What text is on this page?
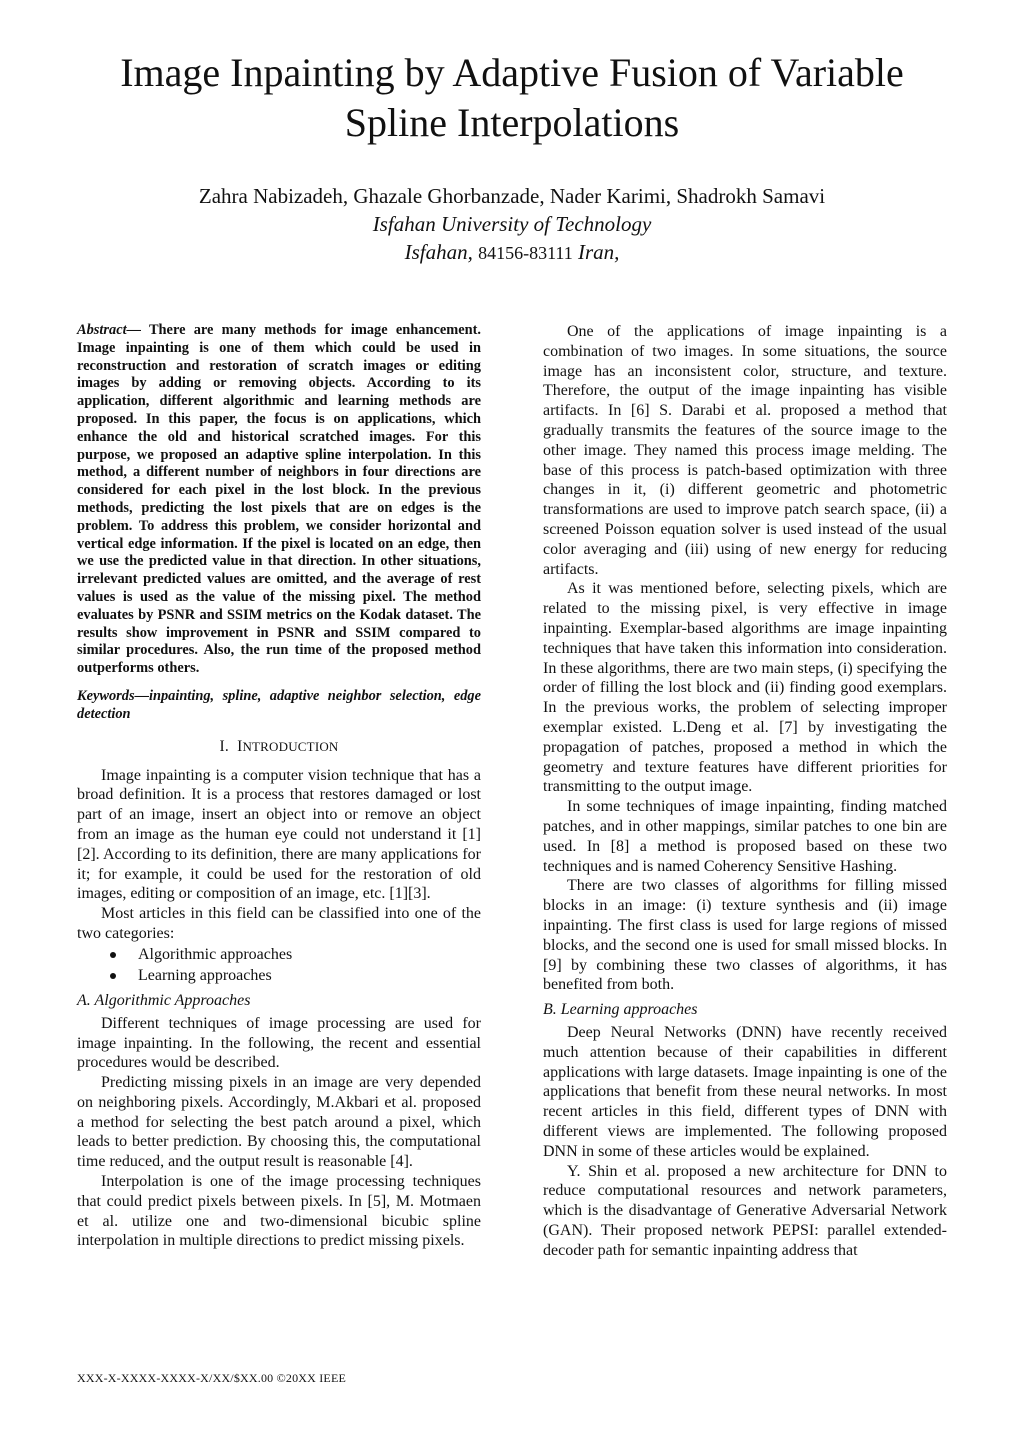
Image Inpainting by Adaptive Fusion of Variable
Spline Interpolations
Zahra Nabizadeh, Ghazale Ghorbanzade, Nader Karimi, Shadrokh Samavi
Isfahan University of Technology
Isfahan, 84156-83111 Iran,

Abstract— There are many methods for image enhancement. Image inpainting is one of them which could be used in reconstruction and restoration of scratch images or editing images by adding or removing objects. According to its application, different algorithmic and learning methods are proposed. In this paper, the focus is on applications, which enhance the old and historical scratched images. For this purpose, we proposed an adaptive spline interpolation. In this method, a different number of neighbors in four directions are considered for each pixel in the lost block. In the previous methods, predicting the lost pixels that are on edges is the problem. To address this problem, we consider horizontal and vertical edge information. If the pixel is located on an edge, then we use the predicted value in that direction. In other situations, irrelevant predicted values are omitted, and the average of rest values is used as the value of the missing pixel. The method evaluates by PSNR and SSIM metrics on the Kodak dataset. The results show improvement in PSNR and SSIM compared to similar procedures. Also, the run time of the proposed method outperforms others.

Keywords—inpainting, spline, adaptive neighbor selection, edge detection

I. INTRODUCTION

Image inpainting is a computer vision technique that has a broad definition. It is a process that restores damaged or lost part of an image, insert an object into or remove an object from an image as the human eye could not understand it [1][2]. According to its definition, there are many applications for it; for example, it could be used for the restoration of old images, editing or composition of an image, etc. [1][3].

Most articles in this field can be classified into one of the two categories:

Algorithmic approaches
Learning approaches
A. Algorithmic Approaches

Different techniques of image processing are used for image inpainting. In the following, the recent and essential procedures would be described.

Predicting missing pixels in an image are very depended on neighboring pixels. Accordingly, M.Akbari et al. proposed a method for selecting the best patch around a pixel, which leads to better prediction. By choosing this, the computational time reduced, and the output result is reasonable [4].

Interpolation is one of the image processing techniques that could predict pixels between pixels. In [5], M. Motmaen et al. utilize one and two-dimensional bicubic spline interpolation in multiple directions to predict missing pixels.

One of the applications of image inpainting is a combination of two images. In some situations, the source image has an inconsistent color, structure, and texture. Therefore, the output of the image inpainting has visible artifacts. In [6] S. Darabi et al. proposed a method that gradually transmits the features of the source image to the other image. They named this process image melding. The base of this process is patch-based optimization with three changes in it, (i) different geometric and photometric transformations are used to improve patch search space, (ii) a screened Poisson equation solver is used instead of the usual color averaging and (iii) using of new energy for reducing artifacts.

As it was mentioned before, selecting pixels, which are related to the missing pixel, is very effective in image inpainting. Exemplar-based algorithms are image inpainting techniques that have taken this information into consideration. In these algorithms, there are two main steps, (i) specifying the order of filling the lost block and (ii) finding good exemplars. In the previous works, the problem of selecting improper exemplar existed. L.Deng et al. [7] by investigating the propagation of patches, proposed a method in which the geometry and texture features have different priorities for transmitting to the output image.

In some techniques of image inpainting, finding matched patches, and in other mappings, similar patches to one bin are used. In [8] a method is proposed based on these two techniques and is named Coherency Sensitive Hashing.

There are two classes of algorithms for filling missed blocks in an image: (i) texture synthesis and (ii) image inpainting. The first class is used for large regions of missed blocks, and the second one is used for small missed blocks. In [9] by combining these two classes of algorithms, it has benefited from both.

B. Learning approaches

Deep Neural Networks (DNN) have recently received much attention because of their capabilities in different applications with large datasets. Image inpainting is one of the applications that benefit from these neural networks. In most recent articles in this field, different types of DNN with different views are implemented. The following proposed DNN in some of these articles would be explained.

Y. Shin et al. proposed a new architecture for DNN to reduce computational resources and network parameters, which is the disadvantage of Generative Adversarial Network (GAN). Their proposed network PEPSI: parallel extended-decoder path for semantic inpainting address that

XXX-X-XXXX-XXXX-X/XX/$XX.00 ©20XX IEEE
